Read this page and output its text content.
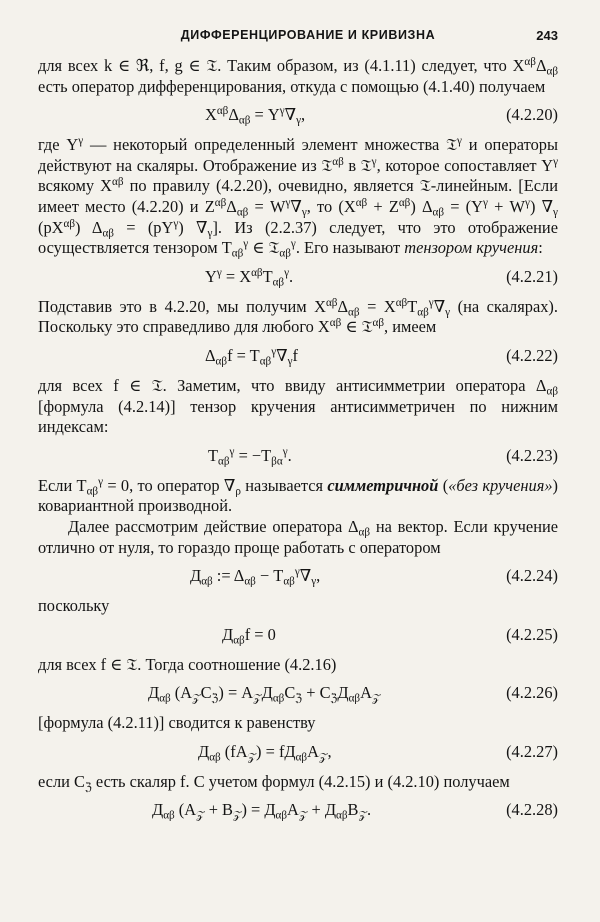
ДИФФЕРЕНЦИРОВАНИЕ И КРИВИЗНА	243

для всех k ∈ ℜ, f, g ∈ 𝔗. Таким образом, из (4.1.11) следует, что $X^{\alpha\beta}\Delta_{\alpha\beta}$ есть оператор дифференцирования, откуда с помощью (4.1.40) получаем

$X^{\alpha\beta}\Delta_{\alpha\beta} = Y^\gamma\nabla_\gamma$,	(4.2.20)

где $Y^\gamma$ — некоторый определенный элемент множества 𝔗$^\gamma$ и операторы действуют на скаляры. Отображение из 𝔗$^{\alpha\beta}$ в 𝔗$^\gamma$, которое сопоставляет $Y^\gamma$ всякому $X^{\alpha\beta}$ по правилу (4.2.20), очевидно, является 𝔗-линейным. [Если имеет место (4.2.20) и $Z^{\alpha\beta}\Delta_{\alpha\beta} = W^\gamma\nabla_\gamma$, то $(X^{\alpha\beta} + Z^{\alpha\beta}) \Delta_{\alpha\beta} = (Y^\gamma + W^\gamma)$ $\nabla_\gamma$ $(pX^{\alpha\beta}) \Delta_{\alpha\beta} = (pY^\gamma)$ $\nabla_\gamma$]. Из (2.2.37) следует, что это отображение осуществляется тензором $T_{\alpha\beta}^\gamma$ ∈ 𝔗$_{\alpha\beta}^\gamma$. Его называют тензором кручения:

$Y^\gamma = X^{\alpha\beta}T_{\alpha\beta}^\gamma$.	(4.2.21)

Подставив это в 4.2.20, мы получим $X^{\alpha\beta}\Delta_{\alpha\beta} = X^{\alpha\beta}T_{\alpha\beta}^\gamma\nabla_\gamma$ (на скалярах). Поскольку это справедливо для любого $X^{\alpha\beta}$ ∈ 𝔗$^{\alpha\beta}$, имеем

$\Delta_{\alpha\beta}f = T_{\alpha\beta}^\gamma\nabla_\gamma f$	(4.2.22)

для всех f ∈ 𝔗. Заметим, что ввиду антисимметрии оператора $\Delta_{\alpha\beta}$ [формула (4.2.14)] тензор кручения антисимметричен по нижним индексам:

$T_{\alpha\beta}^\gamma = -T_{\beta\alpha}^\gamma$.	(4.2.23)

Если $T_{\alpha\beta}^\gamma = 0$, то оператор $\nabla_\rho$ называется симметричной («без кручения») ковариантной производной.

Далее рассмотрим действие оператора $\Delta_{\alpha\beta}$ на вектор. Если кручение отлично от нуля, то гораздо проще работать с оператором

$Д_{\alpha\beta}$ := $\Delta_{\alpha\beta} - T_{\alpha\beta}^\gamma\nabla_\gamma$,	(4.2.24)

поскольку

$Д_{\alpha\beta}f = 0$	(4.2.25)

для всех f ∈ 𝔗. Тогда соотношение (4.2.16)

$Д_{\alpha\beta}$ $(A_𝒵C_ℨ) = A_𝒵Д_{\alpha\beta}C_ℨ + C_ℨД_{\alpha\beta}A_𝒵$	(4.2.26)

[формула (4.2.11)] сводится к равенству

$Д_{\alpha\beta}$ $(fA_𝒵) = fД_{\alpha\beta}A_𝒵$,	(4.2.27)

если $C_ℨ$ есть скаляр f. С учетом формул (4.2.15) и (4.2.10) получаем

$Д_{\alpha\beta}$ $(A_𝒵 + B_𝒵) = Д_{\alpha\beta}A_𝒵 + Д_{\alpha\beta}B_𝒵$.	(4.2.28)
